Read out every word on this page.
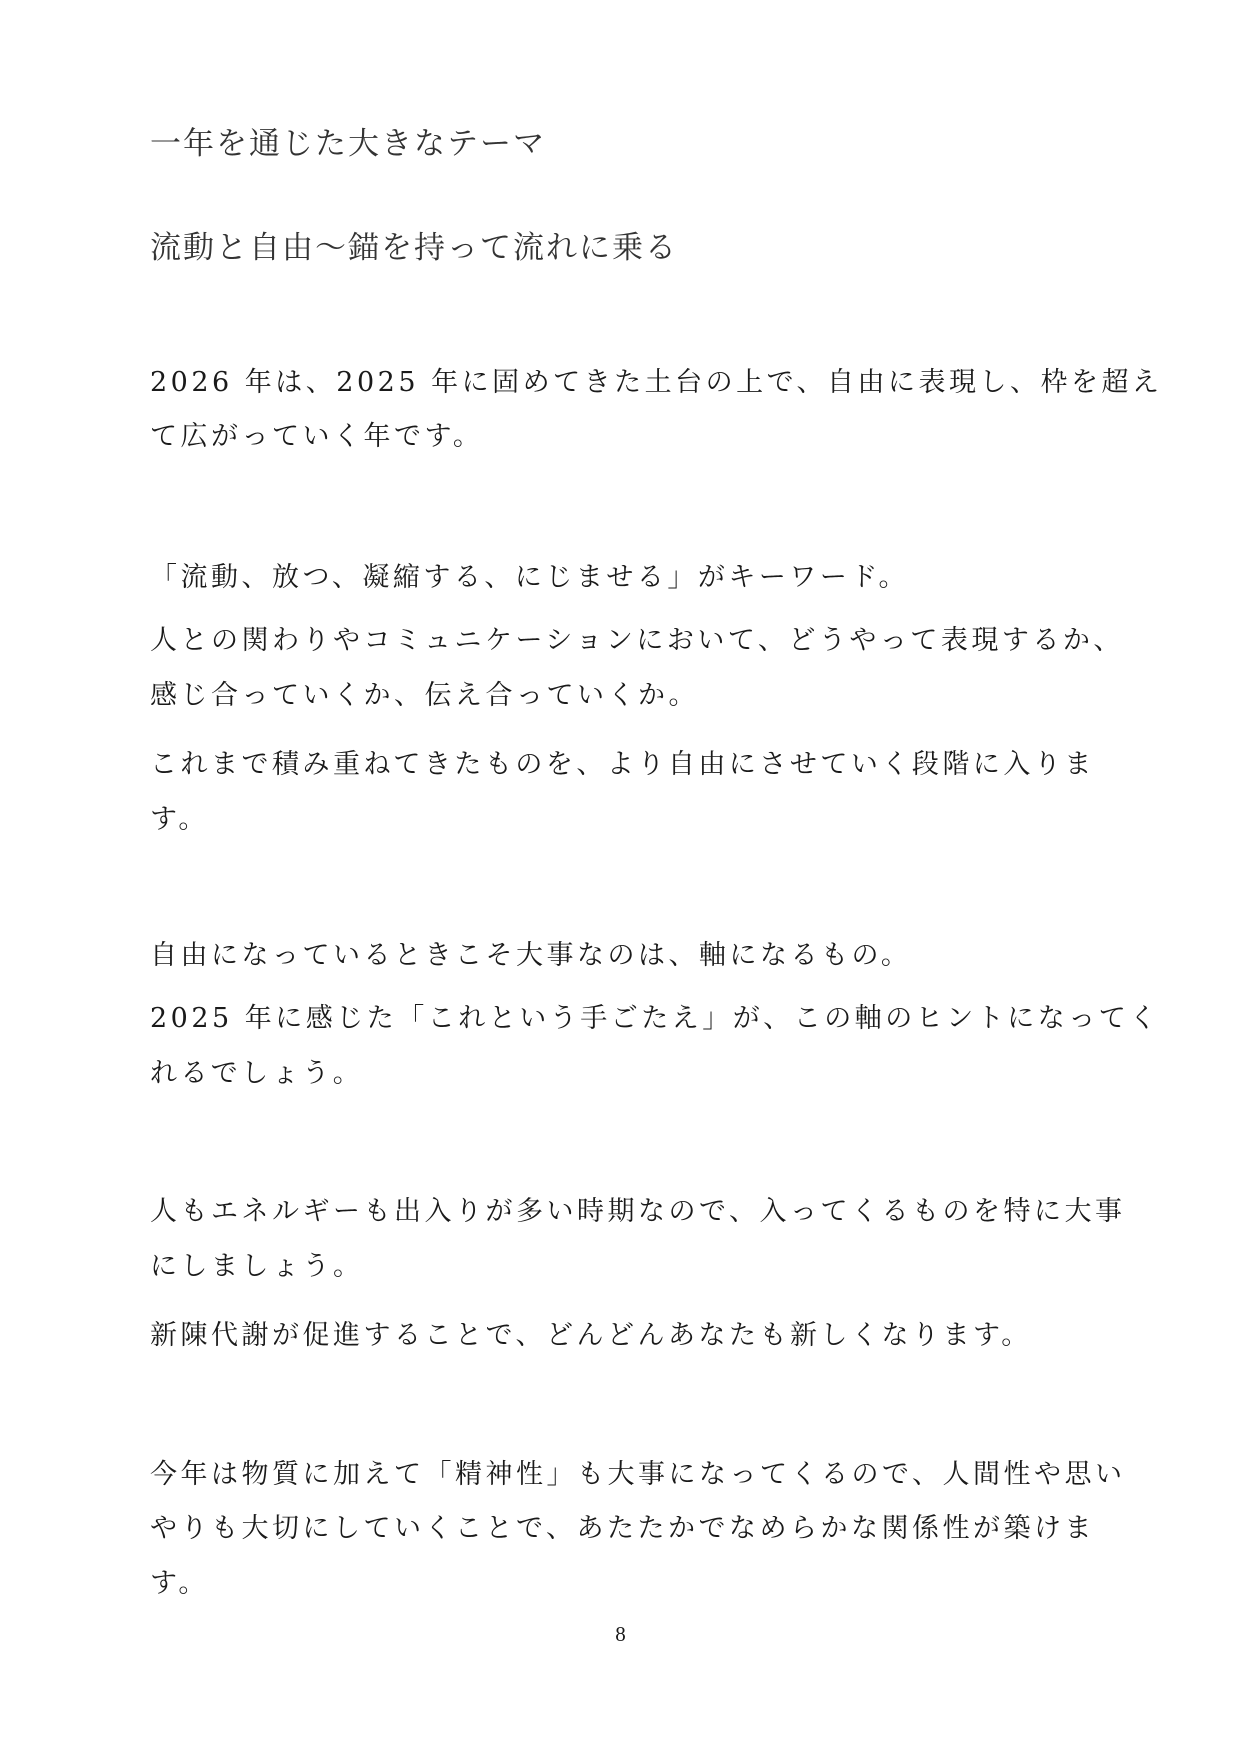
一年を通じた大きなテーマ
流動と自由〜錨を持って流れに乗る

2026 年は、2025 年に固めてきた土台の上で、自由に表現し、枠を超え

て広がっていく年です。

「流動、放つ、凝縮する、にじませる」がキーワード。

人との関わりやコミュニケーションにおいて、どうやって表現するか、

感じ合っていくか、伝え合っていくか。

これまで積み重ねてきたものを、より自由にさせていく段階に入りま

す。

自由になっているときこそ大事なのは、軸になるもの。

2025 年に感じた「これという手ごたえ」が、この軸のヒントになってく

れるでしょう。

人もエネルギーも出入りが多い時期なので、入ってくるものを特に大事

にしましょう。

新陳代謝が促進することで、どんどんあなたも新しくなります。

今年は物質に加えて「精神性」も大事になってくるので、人間性や思い

やりも大切にしていくことで、あたたかでなめらかな関係性が築けま

す。

8
